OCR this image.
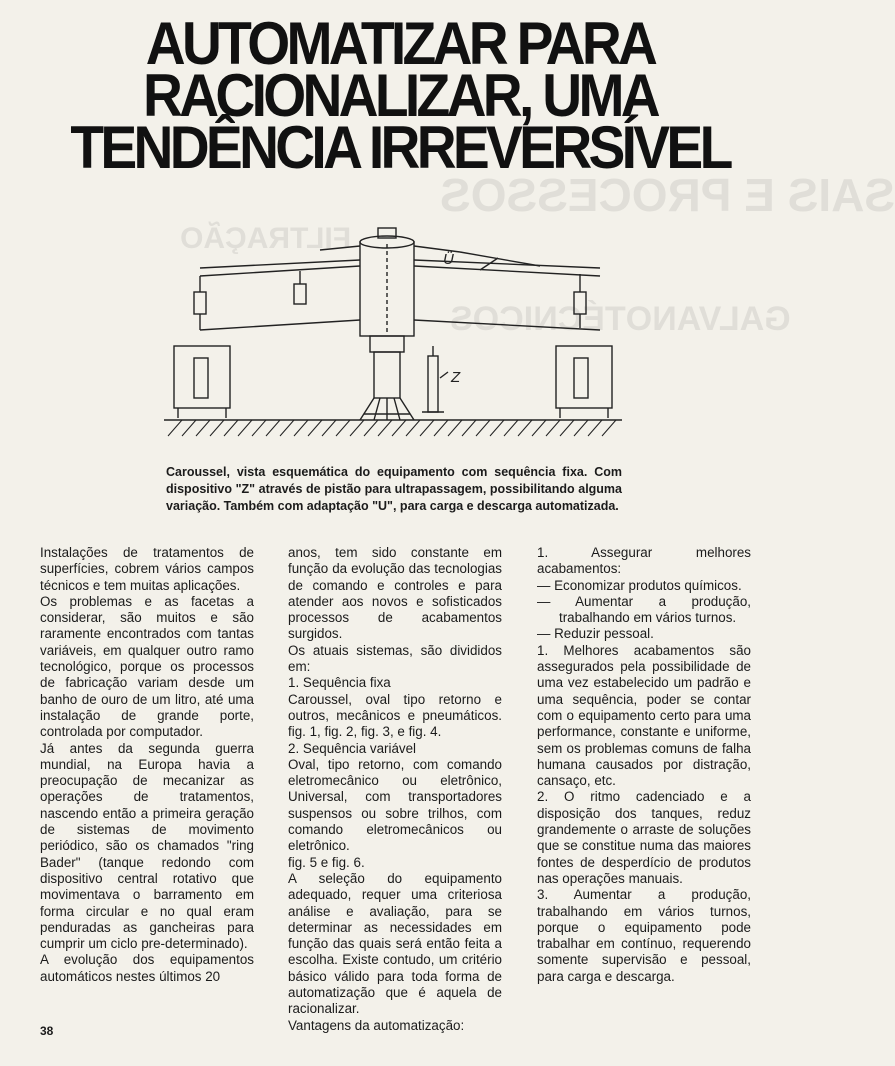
SAIS E PROCESSOS
GALVANOTÉCNICOS
FILTRAÇÃO
AUTOMATIZAR PARA
RACIONALIZAR, UMA
TENDÊNCIA IRREVERSÍVEL
Ü
Z
Caroussel, vista esquemática do equipamento com sequência fixa. Com dispositivo "Z" através de pistão para ultrapassagem, possibilitando alguma variação. Também com adaptação "U", para carga e descarga automatizada.

Instalações de tratamentos de superfícies, cobrem vários campos técnicos e tem muitas aplicações.

Os problemas e as facetas a considerar, são muitos e são raramente encontrados com tantas variáveis, em qualquer outro ramo tecnológico, porque os processos de fabricação variam desde um banho de ouro de um litro, até uma instalação de grande porte, controlada por computador.

Já antes da segunda guerra mundial, na Europa havia a preocupação de mecanizar as operações de tratamentos, nascendo então a primeira geração de sistemas de movimento periódico, são os chamados "ring Bader" (tanque redondo com dispositivo central rotativo que movimentava o barramento em forma circular e no qual eram penduradas as gancheiras para cumprir um ciclo pre-determinado).

A evolução dos equipamentos automáticos nestes últimos 20

anos, tem sido constante em função da evolução das tecnologias de comando e controles e para atender aos novos e sofisticados processos de acabamentos surgidos.

Os atuais sistemas, são divididos em:

1. Sequência fixa

Caroussel, oval tipo retorno e outros, mecânicos e pneumáticos. fig. 1, fig. 2, fig. 3, e fig. 4.

2. Sequência variável

Oval, tipo retorno, com comando eletromecânico ou eletrônico, Universal, com transportadores suspensos ou sobre trilhos, com comando eletromecânicos ou eletrônico.

fig. 5 e fig. 6.

A seleção do equipamento adequado, requer uma criteriosa análise e avaliação, para se determinar as necessidades em função das quais será então feita a escolha. Existe contudo, um critério básico válido para toda forma de automatização que é aquela de racionalizar.

Vantagens da automatização:

1. Assegurar melhores acabamentos:

— Economizar produtos químicos.

— Aumentar a produção, trabalhando em vários turnos.

— Reduzir pessoal.

1. Melhores acabamentos são assegurados pela possibilidade de uma vez estabelecido um padrão e uma sequência, poder se contar com o equipamento certo para uma performance, constante e uniforme, sem os problemas comuns de falha humana causados por distração, cansaço, etc.

2. O ritmo cadenciado e a disposição dos tanques, reduz grandemente o arraste de soluções que se constitue numa das maiores fontes de desperdício de produtos nas operações manuais.

3. Aumentar a produção, trabalhando em vários turnos, porque o equipamento pode trabalhar em contínuo, requerendo somente supervisão e pessoal, para carga e descarga.

38
